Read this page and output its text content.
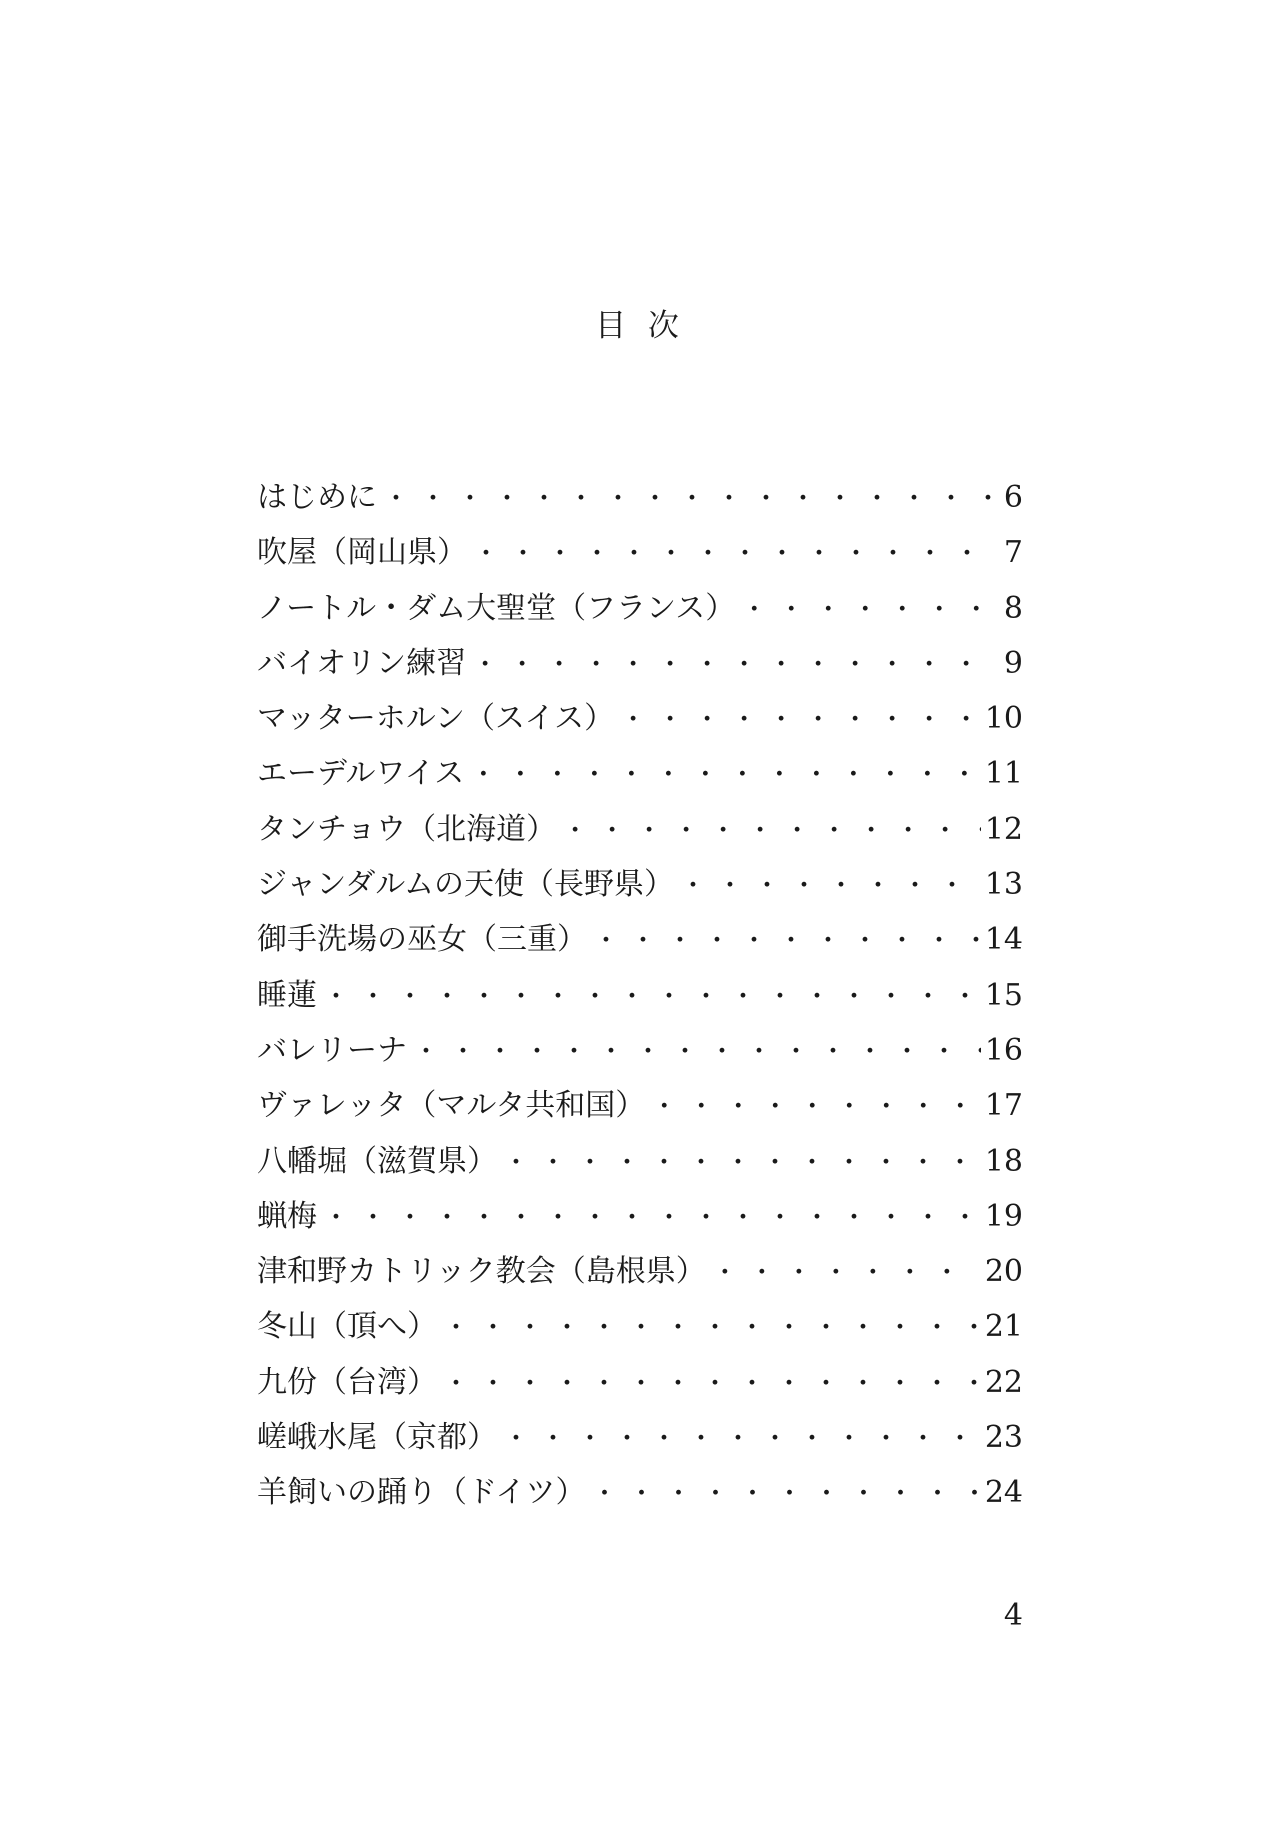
目 次
はじめに ・・・・・・・・・・・・・・・・・・・・・・・・・・・・・・・・・・・・・・・・	6
吹屋（岡山県） ・・・・・・・・・・・・・・・・・・・・・・・・・・・・・・・・・・・・・・・・	7
ノートル・ダム大聖堂（フランス） ・・・・・・・・・・・・・・・・・・・・・・・・・・・・・・・・・・・・・・・・	8
バイオリン練習 ・・・・・・・・・・・・・・・・・・・・・・・・・・・・・・・・・・・・・・・・	9
マッターホルン（スイス） ・・・・・・・・・・・・・・・・・・・・・・・・・・・・・・・・・・・・・・・・	10
エーデルワイス ・・・・・・・・・・・・・・・・・・・・・・・・・・・・・・・・・・・・・・・・	11
タンチョウ（北海道） ・・・・・・・・・・・・・・・・・・・・・・・・・・・・・・・・・・・・・・・・	12
ジャンダルムの天使（長野県） ・・・・・・・・・・・・・・・・・・・・・・・・・・・・・・・・・・・・・・・・	13
御手洗場の巫女（三重） ・・・・・・・・・・・・・・・・・・・・・・・・・・・・・・・・・・・・・・・・	14
睡蓮 ・・・・・・・・・・・・・・・・・・・・・・・・・・・・・・・・・・・・・・・・	15
バレリーナ ・・・・・・・・・・・・・・・・・・・・・・・・・・・・・・・・・・・・・・・・	16
ヴァレッタ（マルタ共和国） ・・・・・・・・・・・・・・・・・・・・・・・・・・・・・・・・・・・・・・・・	17
八幡堀（滋賀県） ・・・・・・・・・・・・・・・・・・・・・・・・・・・・・・・・・・・・・・・・	18
蝋梅 ・・・・・・・・・・・・・・・・・・・・・・・・・・・・・・・・・・・・・・・・	19
津和野カトリック教会（島根県） ・・・・・・・・・・・・・・・・・・・・・・・・・・・・・・・・・・・・・・・・	20
冬山（頂へ） ・・・・・・・・・・・・・・・・・・・・・・・・・・・・・・・・・・・・・・・・	21
九份（台湾） ・・・・・・・・・・・・・・・・・・・・・・・・・・・・・・・・・・・・・・・・	22
嵯峨水尾（京都） ・・・・・・・・・・・・・・・・・・・・・・・・・・・・・・・・・・・・・・・・	23
羊飼いの踊り（ドイツ） ・・・・・・・・・・・・・・・・・・・・・・・・・・・・・・・・・・・・・・・・	24
4
